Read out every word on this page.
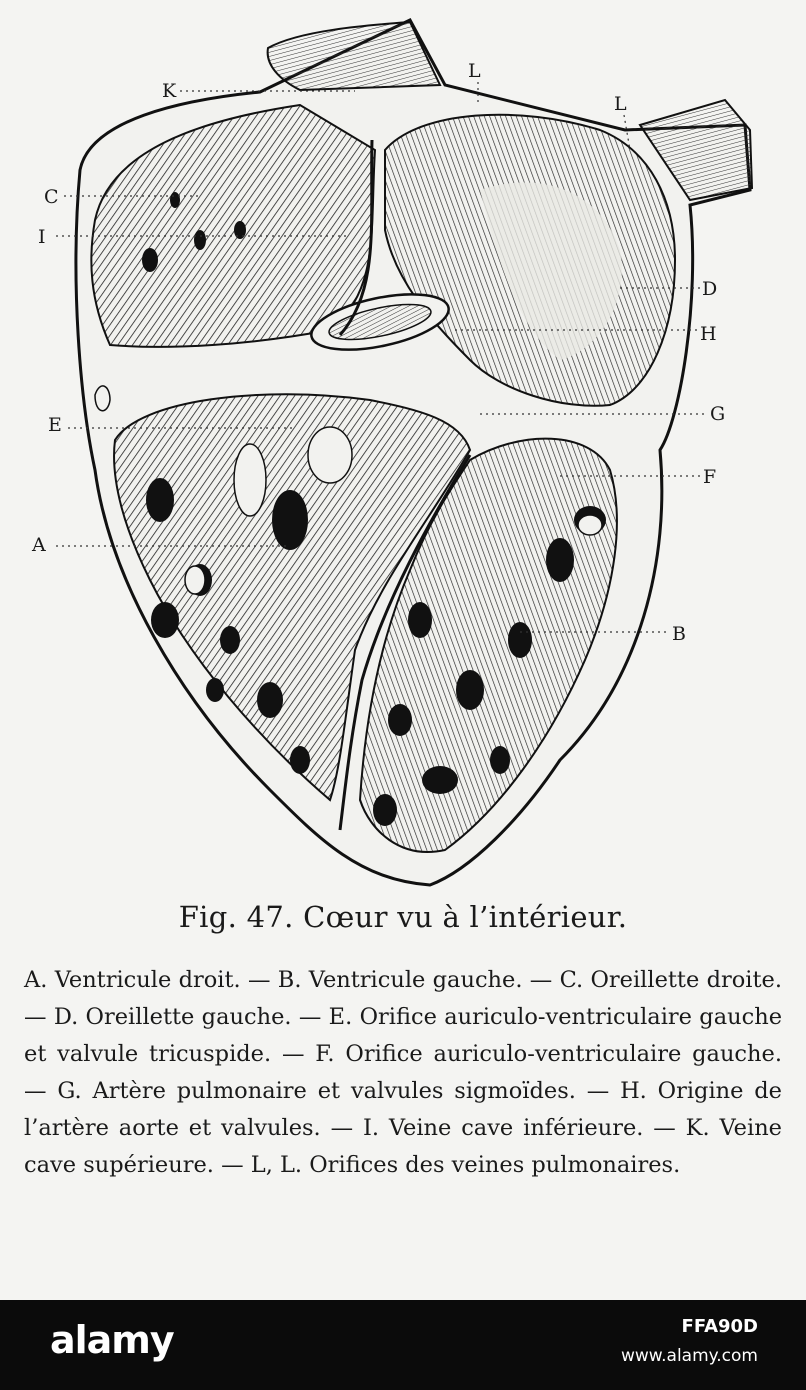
K
L
L
C
I
D
H
E	G
F
A
B
Fig. 47. Cœur vu à l’intérieur.
A. Ventricule droit. — B. Ventricule gauche. — C. Oreillette droite. — D. Oreillette gauche. — E. Orifice auriculo-ventriculaire gauche et valvule tricuspide. — F. Orifice auriculo-ventriculaire gauche. — G. Artère pulmonaire et valvules sigmoïdes. — H. Origine de l’artère aorte et valvules. — I. Veine cave inférieure. — K. Veine cave supérieure. — L, L. Orifices des veines pulmonaires.
alamy	FFA90D
www.alamy.com
